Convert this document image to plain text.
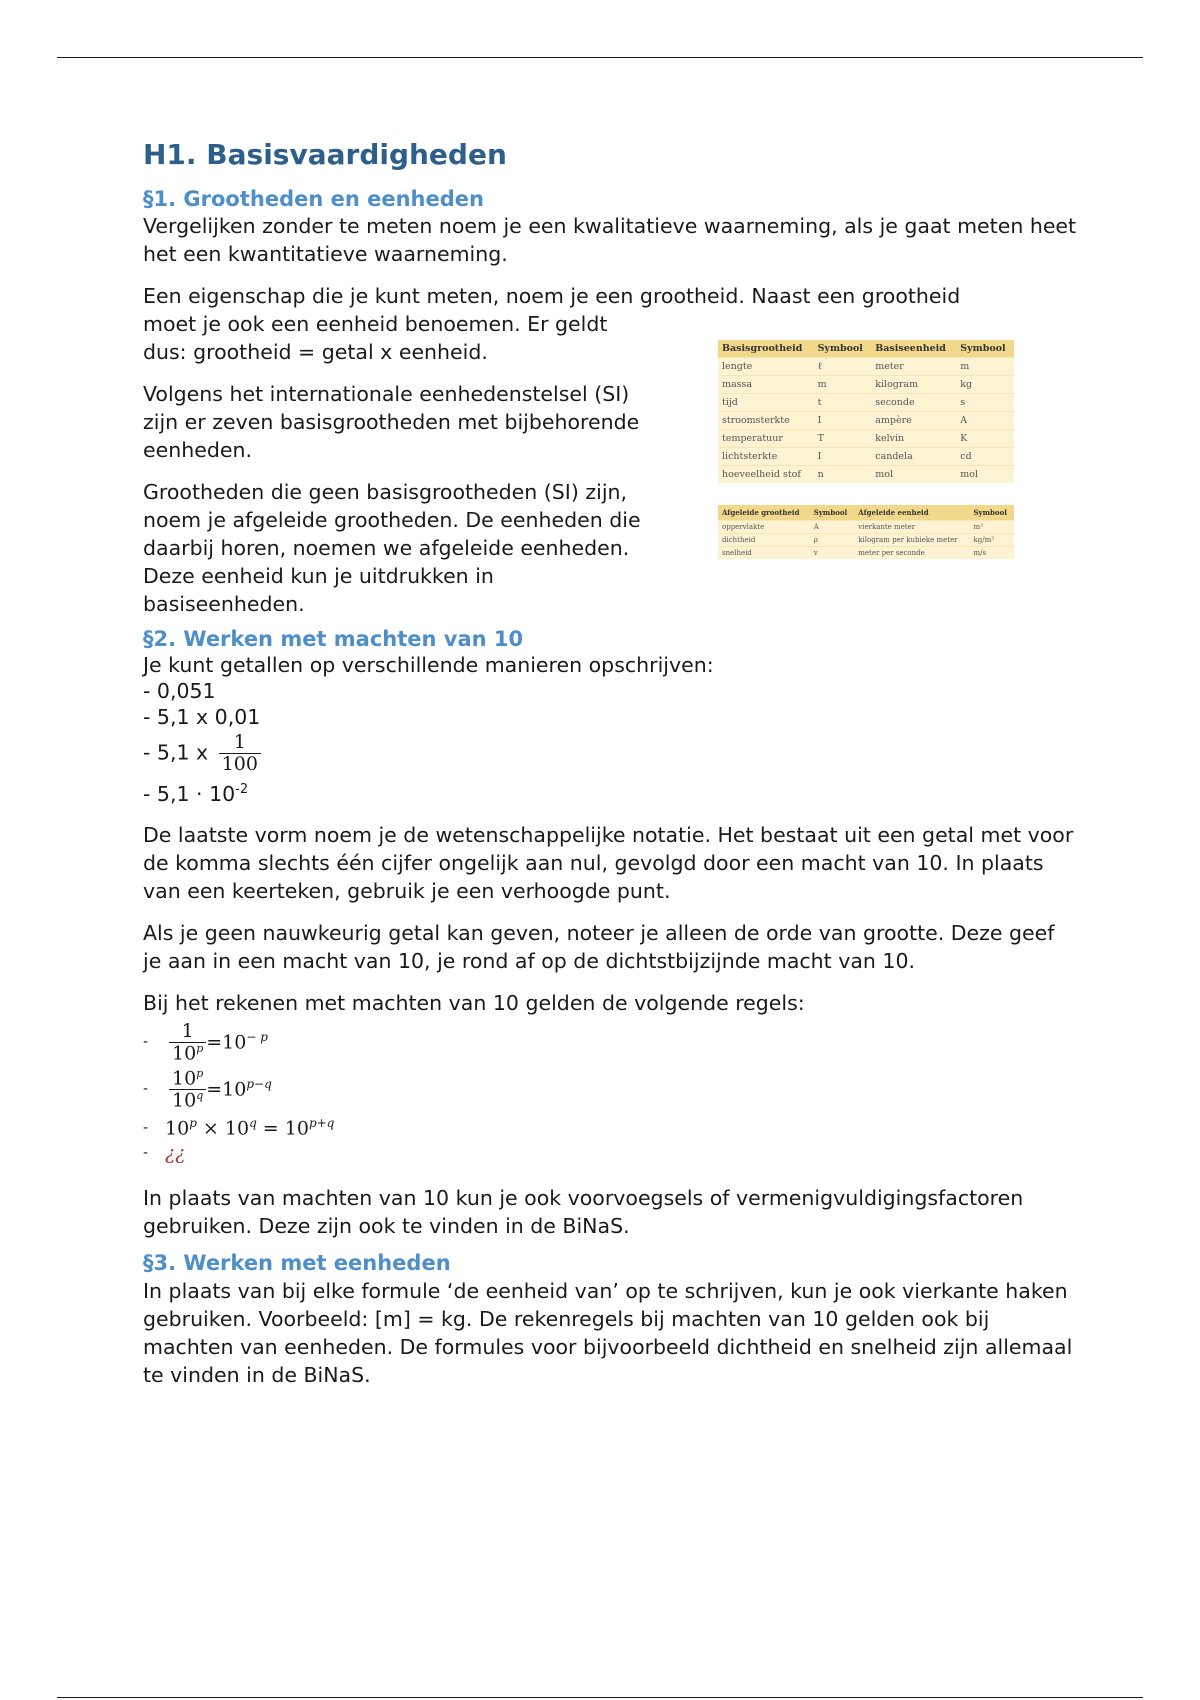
H1. Basisvaardigheden
§1. Grootheden en eenheden

Vergelijken zonder te meten noem je een kwalitatieve waarneming, als je gaat meten heet het een kwantitatieve waarneming.

Een eigenschap die je kunt meten, noem je een grootheid. Naast een grootheid
moet je ook een eenheid benoemen. Er geldt
dus: grootheid = getal x eenheid.

Volgens het internationale eenhedenstelsel (SI)
zijn er zeven basisgrootheden met bijbehorende
eenheden.

Grootheden die geen basisgrootheden (SI) zijn,
noem je afgeleide grootheden. De eenheden die
daarbij horen, noemen we afgeleide eenheden.
Deze eenheid kun je uitdrukken in
basiseenheden.

§2. Werken met machten van 10
Je kunt getallen op verschillende manieren opschrijven:
- 0,051
- 5,1 x 0,01
- 5,1 x $\frac{1}{100}$
- $5,1 \cdot 10^{-2}$

De laatste vorm noem je de wetenschappelijke notatie. Het bestaat uit een getal met voor de komma slechts één cijfer ongelijk aan nul, gevolgd door een macht van 10. In plaats van een keerteken, gebruik je een verhoogde punt.

Als je geen nauwkeurig getal kan geven, noteer je alleen de orde van grootte. Deze geef je aan in een macht van 10, je rond af op de dichtstbijzijnde macht van 10.

Bij het rekenen met machten van 10 gelden de volgende regels:

-	$\frac{1}{10^p} =10^{- p}$
-	$\frac{10^p}{10^q} =10^{p-q}$
- $10^p \times 10^q = 10^{p+q}$
- ¿¿

In plaats van machten van 10 kun je ook voorvoegsels of vermenigvuldigingsfactoren gebruiken. Deze zijn ook te vinden in de BiNaS.

§3. Werken met eenheden

In plaats van bij elke formule ‘de eenheid van’ op te schrijven, kun je ook vierkante haken gebruiken. Voorbeeld: [m] = kg. De rekenregels bij machten van 10 gelden ook bij machten van eenheden. De formules voor bijvoorbeeld dichtheid en snelheid zijn allemaal te vinden in de BiNaS.

Basisgrootheid	Symbool	Basiseenheid	Symbool
lengte	ℓ	meter	m
massa	m	kilogram	kg
tijd	t	seconde	s
stroomsterkte	I	ampère	A
temperatuur	T	kelvin	K
lichtsterkte	I	candela	cd
hoeveelheid stof	n	mol	mol
Afgeleide grootheid	Symbool	Afgeleide eenheid	Symbool
oppervlakte	A	vierkante meter	m²
dichtheid	ρ	kilogram per kubieke meter	kg/m³
snelheid	v	meter per seconde	m/s
